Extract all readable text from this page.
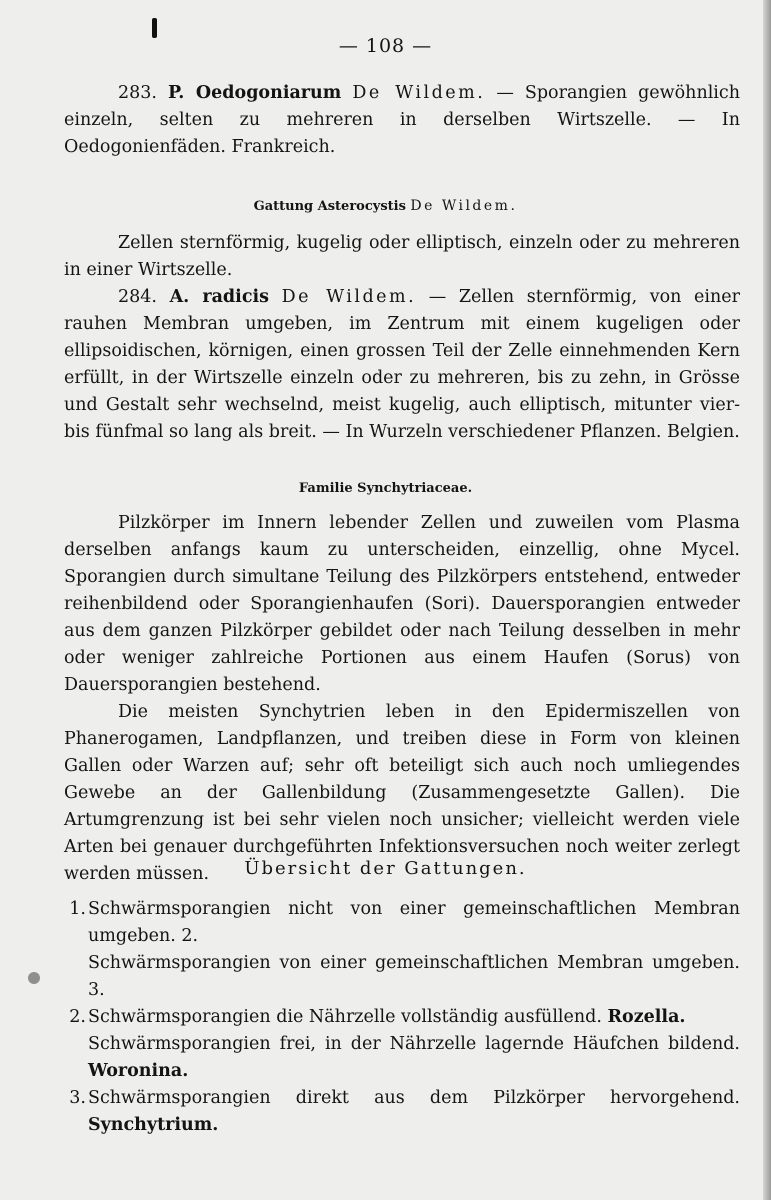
— 108 —

283. P. Oedogoniarum De Wildem. — Sporangien gewöhnlich einzeln, selten zu mehreren in derselben Wirtszelle. — In Oedogonienfäden. Frankreich.

Gattung Asterocystis De Wildem.

Zellen sternförmig, kugelig oder elliptisch, einzeln oder zu mehreren in einer Wirtszelle.

284. A. radicis De Wildem. — Zellen sternförmig, von einer rauhen Membran umgeben, im Zentrum mit einem kugeligen oder ellipsoidischen, körnigen, einen grossen Teil der Zelle einnehmenden Kern erfüllt, in der Wirtszelle einzeln oder zu mehreren, bis zu zehn, in Grösse und Gestalt sehr wechselnd, meist kugelig, auch elliptisch, mitunter vier- bis fünfmal so lang als breit. — In Wurzeln verschiedener Pflanzen. Belgien.

Familie Synchytriaceae.

Pilzkörper im Innern lebender Zellen und zuweilen vom Plasma derselben anfangs kaum zu unterscheiden, einzellig, ohne Mycel. Sporangien durch simultane Teilung des Pilzkörpers entstehend, entweder reihenbildend oder Sporangienhaufen (Sori). Dauersporangien entweder aus dem ganzen Pilzkörper gebildet oder nach Teilung desselben in mehr oder weniger zahlreiche Portionen aus einem Haufen (Sorus) von Dauersporangien bestehend.

Die meisten Synchytrien leben in den Epidermiszellen von Phanerogamen, Landpflanzen, und treiben diese in Form von kleinen Gallen oder Warzen auf; sehr oft beteiligt sich auch noch umliegendes Gewebe an der Gallenbildung (Zusammengesetzte Gallen). Die Artumgrenzung ist bei sehr vielen noch unsicher; vielleicht werden viele Arten bei genauer durchgeführten Infektionsversuchen noch weiter zerlegt werden müssen.	Übersicht der Gattungen.
1. Schwärmsporangien nicht von einer gemeinschaftlichen Membran umgeben. 2.
Schwärmsporangien von einer gemeinschaftlichen Membran umgeben. 3.
2. Schwärmsporangien die Nährzelle vollständig ausfüllend. Rozella.
Schwärmsporangien frei, in der Nährzelle lagernde Häufchen bildend. Woronina.
3. Schwärmsporangien direkt aus dem Pilzkörper hervorgehend. Synchytrium.
